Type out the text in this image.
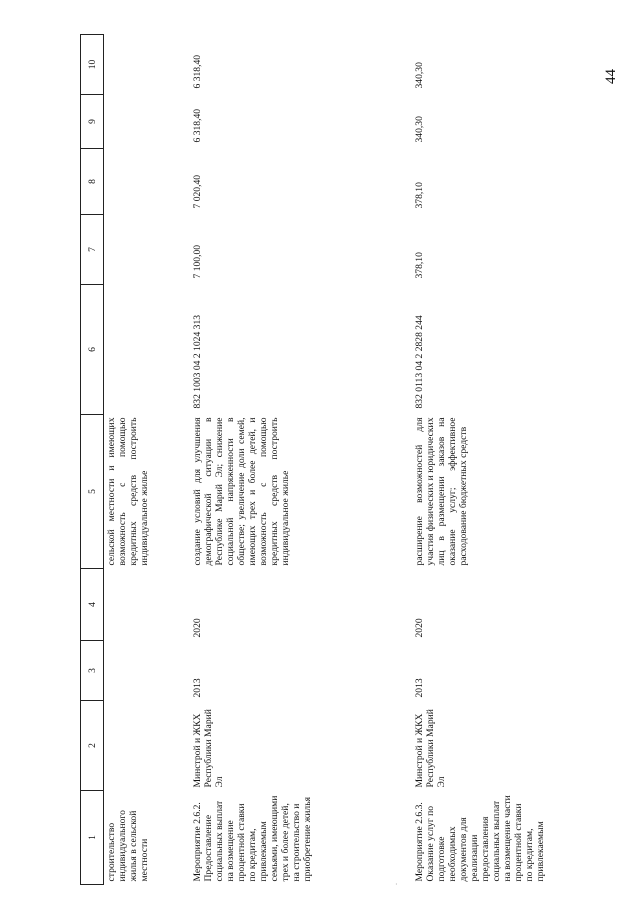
44
1	2	3	4	5	6	7	8	9	10
строительство индивидуального жилья в сельской местности				сельской местности и имеющих возможность с помощью кредитных средств построить индивидуальное жилье					
Мероприятие 2.6.2. Предоставление социальных выплат на возмещение процентной ставки по кредитам, привлекаемым семьями, имеющими трех и более детей, на строительство и приобретение жилья	Минстрой и ЖКХ Республики Марий Эл	2013	2020	создание условий для улучшения демографической ситуации в Республике Марий Эл; снижение социальной напряженности в обществе; увеличение доли семей, имеющих трех и более детей, и возможность с помощью кредитных средств построить индивидуальное жилье	832 1003 04 2 1024 313	7 100,00	7 020,40	6 318,40	6 318,40
Мероприятие 2.6.3. Оказание услуг по подготовке необходимых документов для реализации предоставления социальных выплат на возмещение части процентной ставки по кредитам, привлекаемым	Минстрой и ЖКХ Республики Марий Эл	2013	2020	расширение возможностей для участия физических и юридических лиц в размещении заказов на оказание услуг; эффективное расходование бюджетных средств	832 0113 04 2 2828 244	378,10	378,10	340,30	340,30
·
